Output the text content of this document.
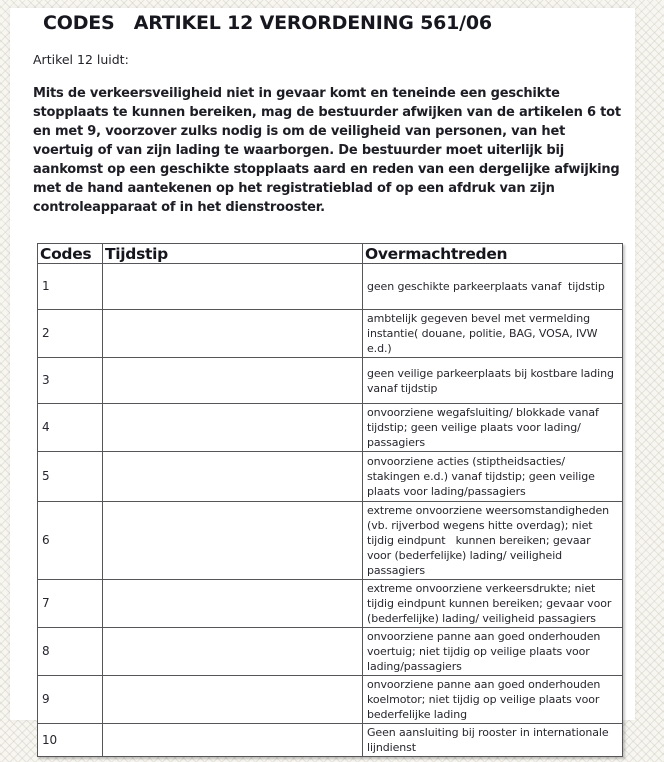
CODES   ARTIKEL 12 VERORDENING 561/06

Artikel 12 luidt:

Mits de verkeersveiligheid niet in gevaar komt en teneinde een geschikte stopplaats te kunnen bereiken, mag de bestuurder afwijken van de artikelen 6 tot en met 9, voorzover zulks nodig is om de veiligheid van personen, van het voertuig of van zijn lading te waarborgen. De bestuurder moet uiterlijk bij aankomst op een geschikte stopplaats aard en reden van een dergelijke afwijking met de hand aantekenen op het registratieblad of op een afdruk van zijn controleapparaat of in het dienstrooster.

Codes	Tijdstip	Overmachtreden
1		geen geschikte parkeerplaats vanaf  tijdstip
2		ambtelijk gegeven bevel met vermelding instantie( douane, politie, BAG, VOSA, IVW e.d.)
3		geen veilige parkeerplaats bij kostbare lading vanaf tijdstip
4		onvoorziene wegafsluiting/ blokkade vanaf tijdstip; geen veilige plaats voor lading/ passagiers
5		onvoorziene acties (stiptheidsacties/ stakingen e.d.) vanaf tijdstip; geen veilige plaats voor lading/passagiers
6		extreme onvoorziene weersomstandigheden (vb. rijverbod wegens hitte overdag); niet tijdig eindpunt   kunnen bereiken; gevaar voor (bederfelijke) lading/ veiligheid passagiers
7		extreme onvoorziene verkeersdrukte; niet tijdig eindpunt kunnen bereiken; gevaar voor (bederfelijke) lading/ veiligheid passagiers
8		onvoorziene panne aan goed onderhouden voertuig; niet tijdig op veilige plaats voor lading/passagiers
9		onvoorziene panne aan goed onderhouden koelmotor; niet tijdig op veilige plaats voor bederfelijke lading
10		Geen aansluiting bij rooster in internationale lijndienst
